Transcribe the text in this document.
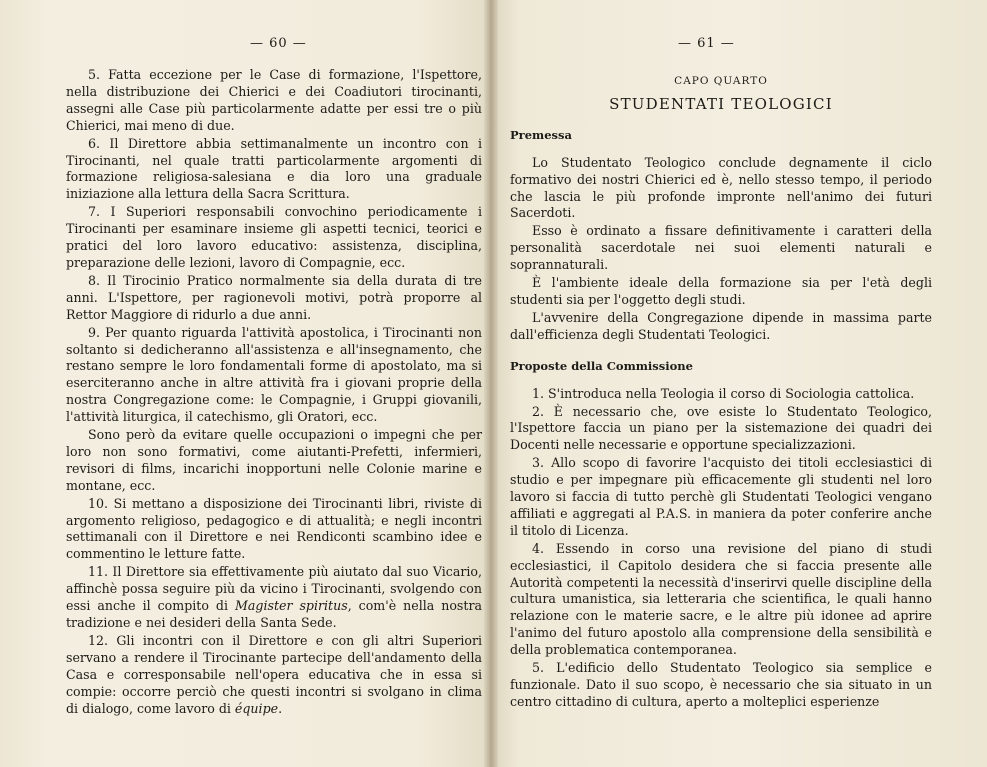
— 60 —

5. Fatta eccezione per le Case di formazione, l'Ispettore, nella distribuzione dei Chierici e dei Coadiutori tirocinanti, assegni alle Case più particolarmente adatte per essi tre o più Chierici, mai meno di due.

6. Il Direttore abbia settimanalmente un incontro con i Tirocinanti, nel quale tratti particolarmente argomenti di formazione religiosa-salesiana e dia loro una graduale iniziazione alla lettura della Sacra Scrittura.

7. I Superiori responsabili convochino periodicamente i Tirocinanti per esaminare insieme gli aspetti tecnici, teorici e pratici del loro lavoro educativo: assistenza, disciplina, preparazione delle lezioni, lavoro di Compagnie, ecc.

8. Il Tirocinio Pratico normalmente sia della durata di tre anni. L'Ispettore, per ragionevoli motivi, potrà proporre al Rettor Maggiore di ridurlo a due anni.

9. Per quanto riguarda l'attività apostolica, i Tirocinanti non soltanto si dedicheranno all'assistenza e all'insegnamento, che restano sempre le loro fondamentali forme di apostolato, ma si eserciteranno anche in altre attività fra i giovani proprie della nostra Congregazione come: le Compagnie, i Gruppi giovanili, l'attività liturgica, il catechismo, gli Oratori, ecc.

Sono però da evitare quelle occupazioni o impegni che per loro non sono formativi, come aiutanti-Prefetti, infermieri, revisori di films, incarichi inopportuni nelle Colonie marine e montane, ecc.

10. Si mettano a disposizione dei Tirocinanti libri, riviste di argomento religioso, pedagogico e di attualità; e negli incontri settimanali con il Direttore e nei Rendiconti scambino idee e commentino le letture fatte.

11. Il Direttore sia effettivamente più aiutato dal suo Vicario, affinchè possa seguire più da vicino i Tirocinanti, svolgendo con essi anche il compito di Magister spiritus, com'è nella nostra tradizione e nei desideri della Santa Sede.

12. Gli incontri con il Direttore e con gli altri Superiori servano a rendere il Tirocinante partecipe dell'andamento della Casa e corresponsabile nell'opera educativa che in essa si compie: occorre perciò che questi incontri si svolgano in clima di dialogo, come lavoro di équipe.

— 61 —
CAPO QUARTO
STUDENTATI TEOLOGICI
Premessa

Lo Studentato Teologico conclude degnamente il ciclo formativo dei nostri Chierici ed è, nello stesso tempo, il periodo che lascia le più profonde impronte nell'animo dei futuri Sacerdoti.

Esso è ordinato a fissare definitivamente i caratteri della personalità sacerdotale nei suoi elementi naturali e soprannaturali.

È l'ambiente ideale della formazione sia per l'età degli studenti sia per l'oggetto degli studi.

L'avvenire della Congregazione dipende in massima parte dall'efficienza degli Studentati Teologici.

Proposte della Commissione

1. S'introduca nella Teologia il corso di Sociologia cattolica.

2. È necessario che, ove esiste lo Studentato Teologico, l'Ispettore faccia un piano per la sistemazione dei quadri dei Docenti nelle necessarie e opportune specializzazioni.

3. Allo scopo di favorire l'acquisto dei titoli ecclesiastici di studio e per impegnare più efficacemente gli studenti nel loro lavoro si faccia di tutto perchè gli Studentati Teologici vengano affiliati e aggregati al P.A.S. in maniera da poter conferire anche il titolo di Licenza.

4. Essendo in corso una revisione del piano di studi ecclesiastici, il Capitolo desidera che si faccia presente alle Autorità competenti la necessità d'inserirvi quelle discipline della cultura umanistica, sia letteraria che scientifica, le quali hanno relazione con le materie sacre, e le altre più idonee ad aprire l'animo del futuro apostolo alla comprensione della sensibilità e della problematica contemporanea.

5. L'edificio dello Studentato Teologico sia semplice e funzionale. Dato il suo scopo, è necessario che sia situato in un centro cittadino di cultura, aperto a molteplici esperienze
